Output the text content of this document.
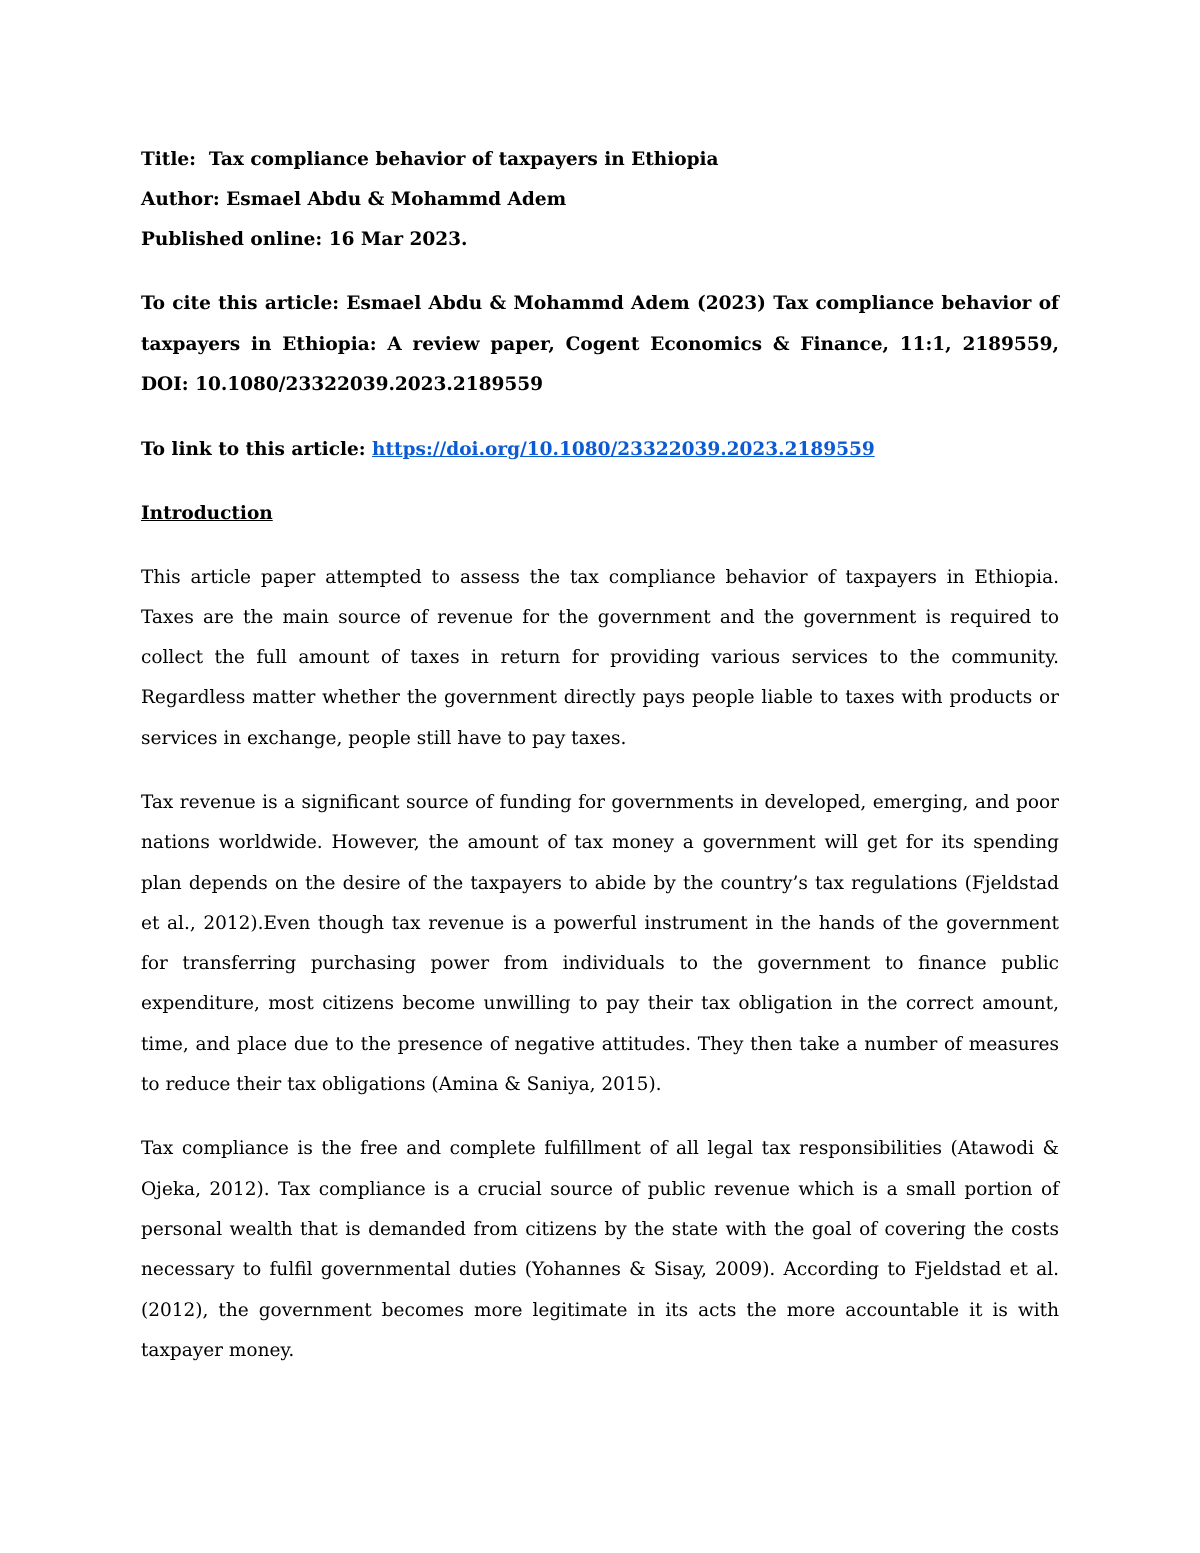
Title: Tax compliance behavior of taxpayers in Ethiopia

Author: Esmael Abdu & Mohammd Adem

Published online: 16 Mar 2023.

To cite this article: Esmael Abdu & Mohammd Adem (2023) Tax compliance behavior of taxpayers in Ethiopia: A review paper, Cogent Economics & Finance, 11:1, 2189559, DOI: 10.1080/23322039.2023.2189559

To link to this article: https://doi.org/10.1080/23322039.2023.2189559

Introduction

This article paper attempted to assess the tax compliance behavior of taxpayers in Ethiopia. Taxes are the main source of revenue for the government and the government is required to collect the full amount of taxes in return for providing various services to the community. Regardless matter whether the government directly pays people liable to taxes with products or services in exchange, people still have to pay taxes.

Tax revenue is a significant source of funding for governments in developed, emerging, and poor nations worldwide. However, the amount of tax money a government will get for its spending plan depends on the desire of the taxpayers to abide by the country’s tax regulations (Fjeldstad et al., 2012).Even though tax revenue is a powerful instrument in the hands of the government for transferring purchasing power from individuals to the government to finance public expenditure, most citizens become unwilling to pay their tax obligation in the correct amount, time, and place due to the presence of negative attitudes. They then take a number of measures to reduce their tax obligations (Amina & Saniya, 2015).

Tax compliance is the free and complete fulfillment of all legal tax responsibilities (Atawodi & Ojeka, 2012). Tax compliance is a crucial source of public revenue which is a small portion of personal wealth that is demanded from citizens by the state with the goal of covering the costs necessary to fulfil governmental duties (Yohannes & Sisay, 2009). According to Fjeldstad et al. (2012), the government becomes more legitimate in its acts the more accountable it is with taxpayer money.
